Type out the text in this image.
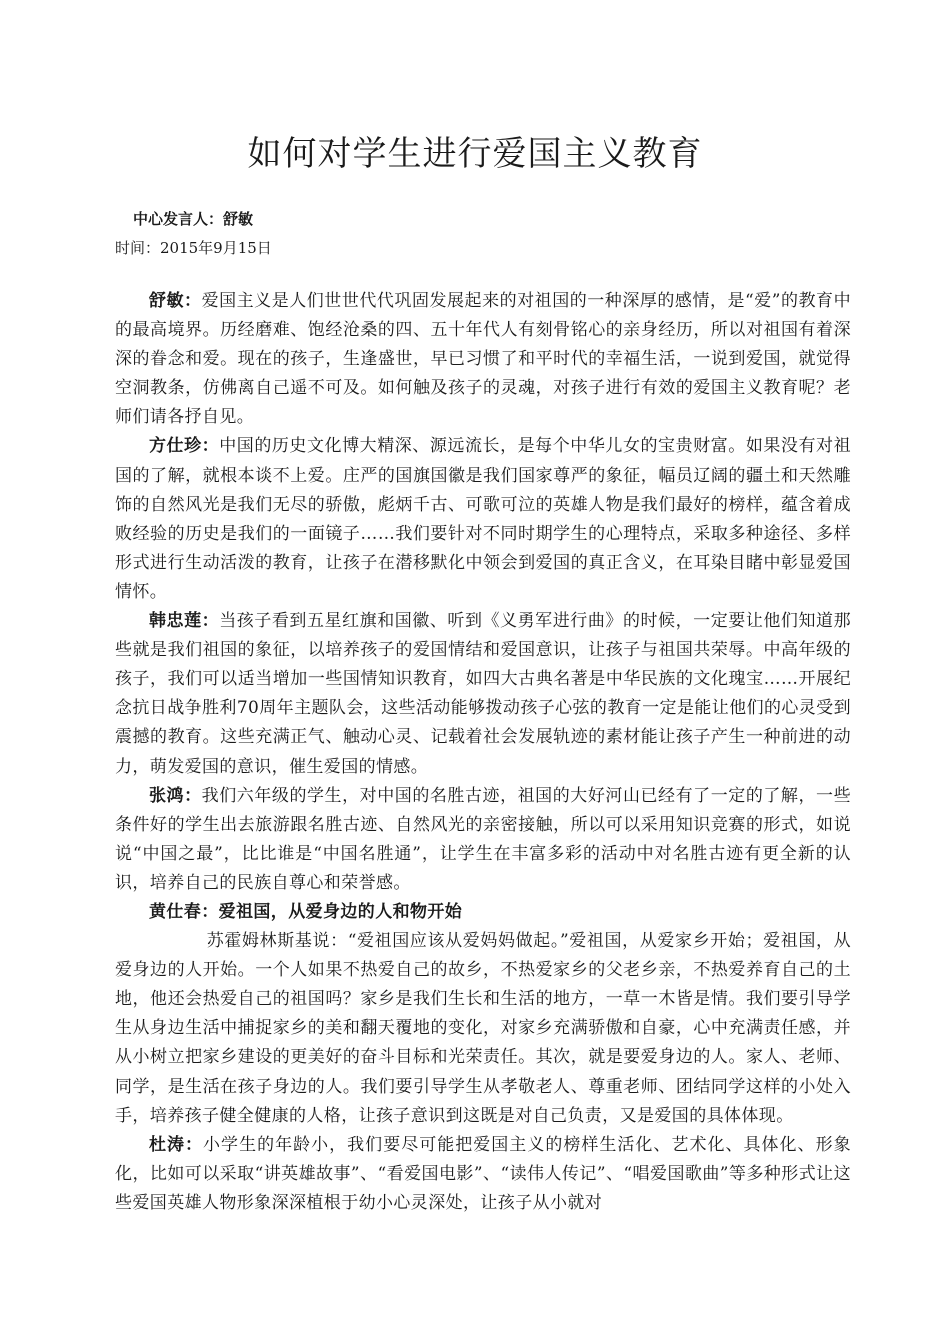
如何对学生进行爱国主义教育

中心发言人：舒敏

时间：2015年9月15日

舒敏：爱国主义是人们世世代代巩固发展起来的对祖国的一种深厚的感情，是“爱”的教育中的最高境界。历经磨难、饱经沧桑的四、五十年代人有刻骨铭心的亲身经历，所以对祖国有着深深的眷念和爱。现在的孩子，生逢盛世，早已习惯了和平时代的幸福生活，一说到爱国，就觉得空洞教条，仿佛离自己遥不可及。如何触及孩子的灵魂，对孩子进行有效的爱国主义教育呢？老师们请各抒自见。

方仕珍：中国的历史文化博大精深、源远流长，是每个中华儿女的宝贵财富。如果没有对祖国的了解，就根本谈不上爱。庄严的国旗国徽是我们国家尊严的象征，幅员辽阔的疆土和天然雕饰的自然风光是我们无尽的骄傲，彪炳千古、可歌可泣的英雄人物是我们最好的榜样，蕴含着成败经验的历史是我们的一面镜子……我们要针对不同时期学生的心理特点，采取多种途径、多样形式进行生动活泼的教育，让孩子在潜移默化中领会到爱国的真正含义，在耳染目睹中彰显爱国情怀。

韩忠莲：当孩子看到五星红旗和国徽、听到《义勇军进行曲》的时候，一定要让他们知道那些就是我们祖国的象征，以培养孩子的爱国情结和爱国意识，让孩子与祖国共荣辱。中高年级的孩子，我们可以适当增加一些国情知识教育，如四大古典名著是中华民族的文化瑰宝……开展纪念抗日战争胜利70周年主题队会，这些活动能够拨动孩子心弦的教育一定是能让他们的心灵受到震撼的教育。这些充满正气、触动心灵、记载着社会发展轨迹的素材能让孩子产生一种前进的动力，萌发爱国的意识，催生爱国的情感。

张鸿：我们六年级的学生，对中国的名胜古迹，祖国的大好河山已经有了一定的了解，一些条件好的学生出去旅游跟名胜古迹、自然风光的亲密接触，所以可以采用知识竞赛的形式，如说说“中国之最”，比比谁是“中国名胜通”，让学生在丰富多彩的活动中对名胜古迹有更全新的认识，培养自己的民族自尊心和荣誉感。

黄仕春：爱祖国，从爱身边的人和物开始

苏霍姆林斯基说：“爱祖国应该从爱妈妈做起。”爱祖国，从爱家乡开始；爱祖国，从爱身边的人开始。一个人如果不热爱自己的故乡，不热爱家乡的父老乡亲，不热爱养育自己的土地，他还会热爱自己的祖国吗？家乡是我们生长和生活的地方，一草一木皆是情。我们要引导学生从身边生活中捕捉家乡的美和翻天覆地的变化，对家乡充满骄傲和自豪，心中充满责任感，并从小树立把家乡建设的更美好的奋斗目标和光荣责任。其次，就是要爱身边的人。家人、老师、同学，是生活在孩子身边的人。我们要引导学生从孝敬老人、尊重老师、团结同学这样的小处入手，培养孩子健全健康的人格，让孩子意识到这既是对自己负责，又是爱国的具体体现。

杜涛：小学生的年龄小，我们要尽可能把爱国主义的榜样生活化、艺术化、具体化、形象化，比如可以采取“讲英雄故事”、“看爱国电影”、“读伟人传记”、“唱爱国歌曲”等多种形式让这些爱国英雄人物形象深深植根于幼小心灵深处，让孩子从小就对
